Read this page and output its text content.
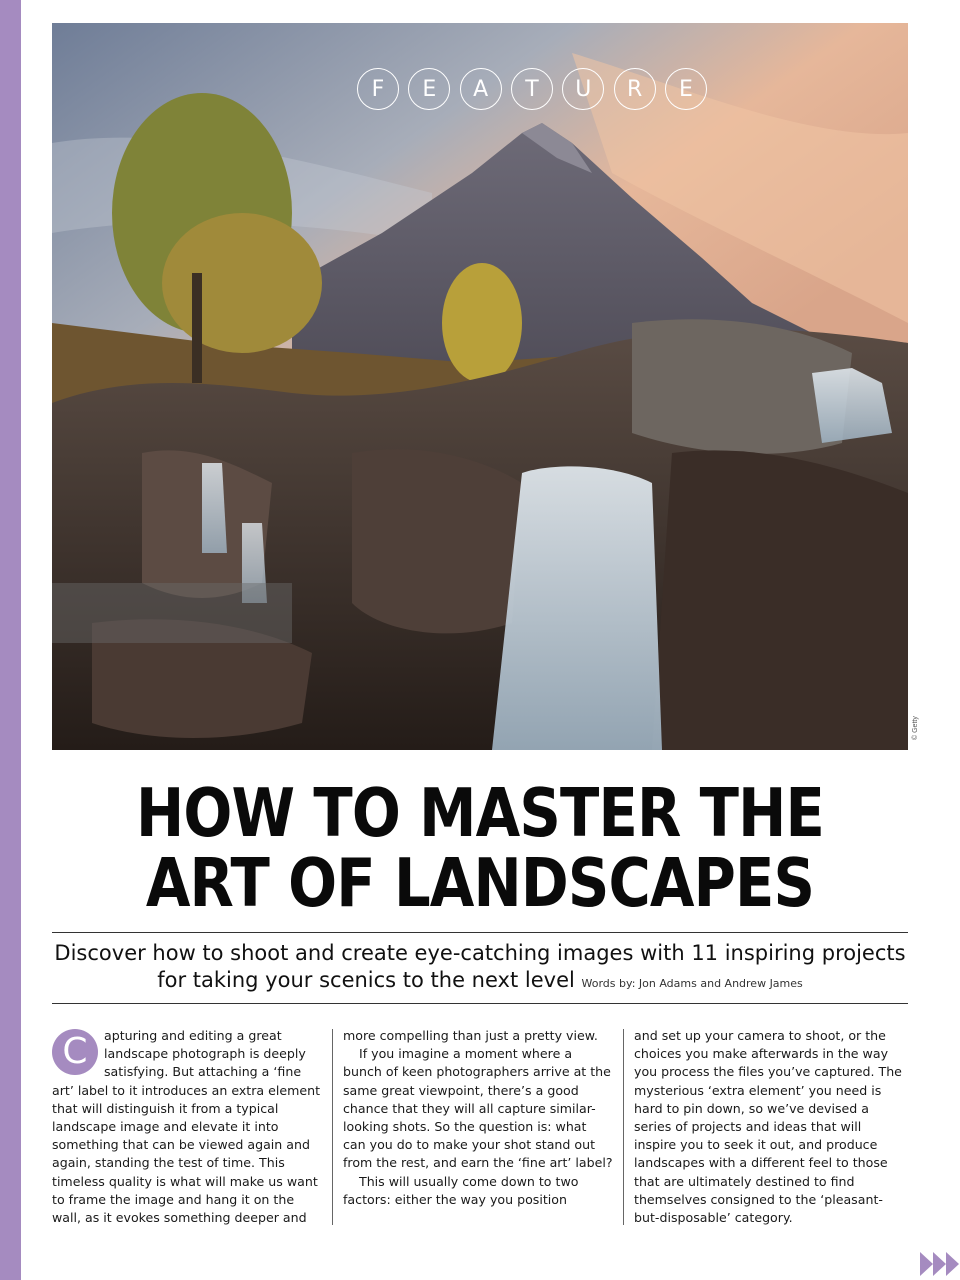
F	E	A	T	U	R	E
© Getty
HOW TO MASTER THE
ART OF LANDSCAPES
Discover how to shoot and create eye-catching images with 11 inspiring projects for taking your scenics to the next level Words by: Jon Adams and Andrew James
C	apturing and editing a great landscape photograph is deeply satisfying. But attaching a ‘fine art’ label to it introduces an extra element that will distinguish it from a typical landscape image and elevate it into something that can be viewed again and again, standing the test of time. This timeless quality is what will make us want to frame the image and hang it on the wall, as it evokes something deeper and

more compelling than just a pretty view.

If you imagine a moment where a bunch of keen photographers arrive at the same great viewpoint, there’s a good chance that they will all capture similar-looking shots. So the question is: what can you do to make your shot stand out from the rest, and earn the ‘fine art’ label?

This will usually come down to two factors: either the way you position

and set up your camera to shoot, or the choices you make afterwards in the way you process the files you’ve captured. The mysterious ‘extra element’ you need is hard to pin down, so we’ve devised a series of projects and ideas that will inspire you to seek it out, and produce landscapes with a different feel to those that are ultimately destined to find themselves consigned to the ‘pleasant-but-disposable’ category.
